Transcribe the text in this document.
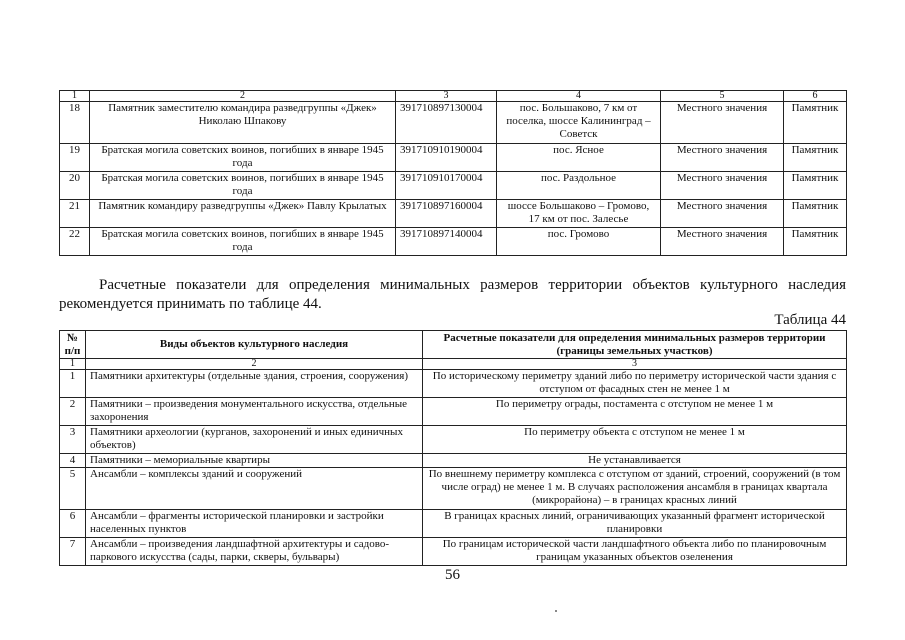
1	2	3	4	5	6
18	Памятник заместителю командира разведгруппы «Джек» Николаю Шпакову	391710897130004	пос. Большаково, 7 км от поселка, шоссе Калининград – Советск	Местного значения	Памятник
19	Братская могила советских воинов, погибших в январе 1945 года	391710910190004	пос. Ясное	Местного значения	Памятник
20	Братская могила советских воинов, погибших в январе 1945 года	391710910170004	пос. Раздольное	Местного значения	Памятник
21	Памятник командиру разведгруппы «Джек» Павлу Крылатых	391710897160004	шоссе Большаково – Громово, 17 км от пос. Залесье	Местного значения	Памятник
22	Братская могила советских воинов, погибших в январе 1945 года	391710897140004	пос. Громово	Местного значения	Памятник
Расчетные показатели для определения минимальных размеров территории объектов культурного наследия рекомендуется принимать по таблице 44.
Таблица 44
№ п/п	Виды объектов культурного наследия	Расчетные показатели для определения минимальных размеров территории (границы земельных участков)
1	2	3
1	Памятники архитектуры (отдельные здания, строения, сооружения)	По историческому периметру зданий либо по периметру исторической части здания с отступом от фасадных стен не менее 1 м
2	Памятники – произведения монументального искусства, отдельные захоронения	По периметру ограды, постамента с отступом не менее 1 м
3	Памятники археологии (курганов, захоронений и иных единичных объектов)	По периметру объекта с отступом не менее 1 м
4	Памятники – мемориальные квартиры	Не устанавливается
5	Ансамбли – комплексы зданий и сооружений	По внешнему периметру комплекса с отступом от зданий, строений, сооружений (в том числе оград) не менее 1 м. В случаях расположения ансамбля в границах квартала (микрорайона) – в границах красных линий
6	Ансамбли – фрагменты исторической планировки и застройки населенных пунктов	В границах красных линий, ограничивающих указанный фрагмент исторической планировки
7	Ансамбли – произведения ландшафтной архитектуры и садово-паркового искусства (сады, парки, скверы, бульвары)	По границам исторической части ландшафтного объекта либо по планировочным границам указанных объектов озеленения
56
